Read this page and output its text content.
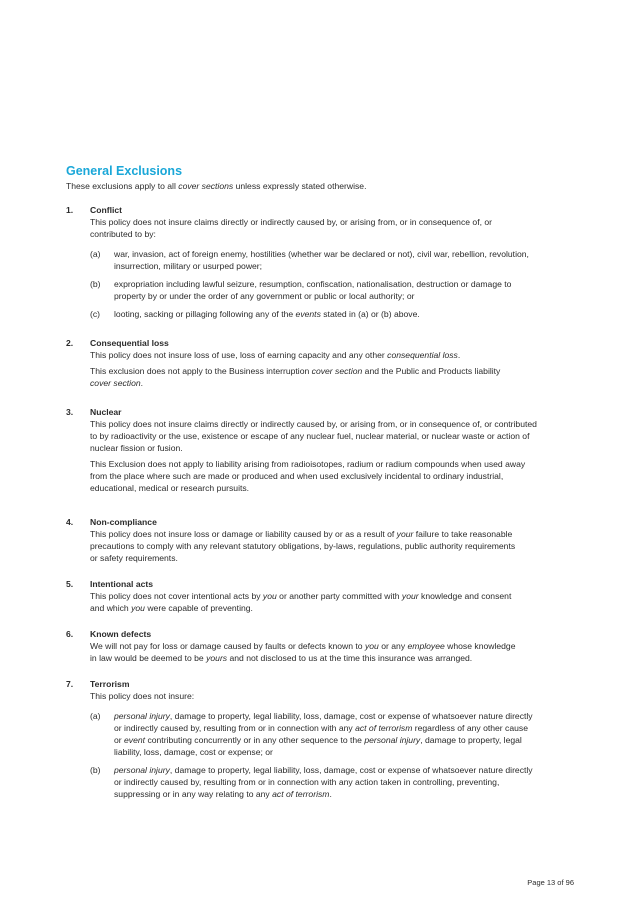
General Exclusions
These exclusions apply to all cover sections unless expressly stated otherwise.
1. Conflict
This policy does not insure claims directly or indirectly caused by, or arising from, or in consequence of, or
contributed to by:
(a) war, invasion, act of foreign enemy, hostilities (whether war be declared or not), civil war, rebellion, revolution,
insurrection, military or usurped power;
(b) expropriation including lawful seizure, resumption, confiscation, nationalisation, destruction or damage to
property by or under the order of any government or public or local authority; or
(c) looting, sacking or pillaging following any of the events stated in (a) or (b) above.
2. Consequential loss
This policy does not insure loss of use, loss of earning capacity and any other consequential loss.
This exclusion does not apply to the Business interruption cover section and the Public and Products liability
cover section.
3. Nuclear
This policy does not insure claims directly or indirectly caused by, or arising from, or in consequence of, or contributed
to by radioactivity or the use, existence or escape of any nuclear fuel, nuclear material, or nuclear waste or action of
nuclear fission or fusion.
This Exclusion does not apply to liability arising from radioisotopes, radium or radium compounds when used away
from the place where such are made or produced and when used exclusively incidental to ordinary industrial,
educational, medical or research pursuits.
4. Non-compliance
This policy does not insure loss or damage or liability caused by or as a result of your failure to take reasonable
precautions to comply with any relevant statutory obligations, by-laws, regulations, public authority requirements
or safety requirements.
5. Intentional acts
This policy does not cover intentional acts by you or another party committed with your knowledge and consent
and which you were capable of preventing.
6. Known defects
We will not pay for loss or damage caused by faults or defects known to you or any employee whose knowledge
in law would be deemed to be yours and not disclosed to us at the time this insurance was arranged.
7. Terrorism
This policy does not insure:
(a) personal injury, damage to property, legal liability, loss, damage, cost or expense of whatsoever nature directly
or indirectly caused by, resulting from or in connection with any act of terrorism regardless of any other cause
or event contributing concurrently or in any other sequence to the personal injury, damage to property, legal
liability, loss, damage, cost or expense; or
(b) personal injury, damage to property, legal liability, loss, damage, cost or expense of whatsoever nature directly
or indirectly caused by, resulting from or in connection with any action taken in controlling, preventing,
suppressing or in any way relating to any act of terrorism.
Page 13 of 96
